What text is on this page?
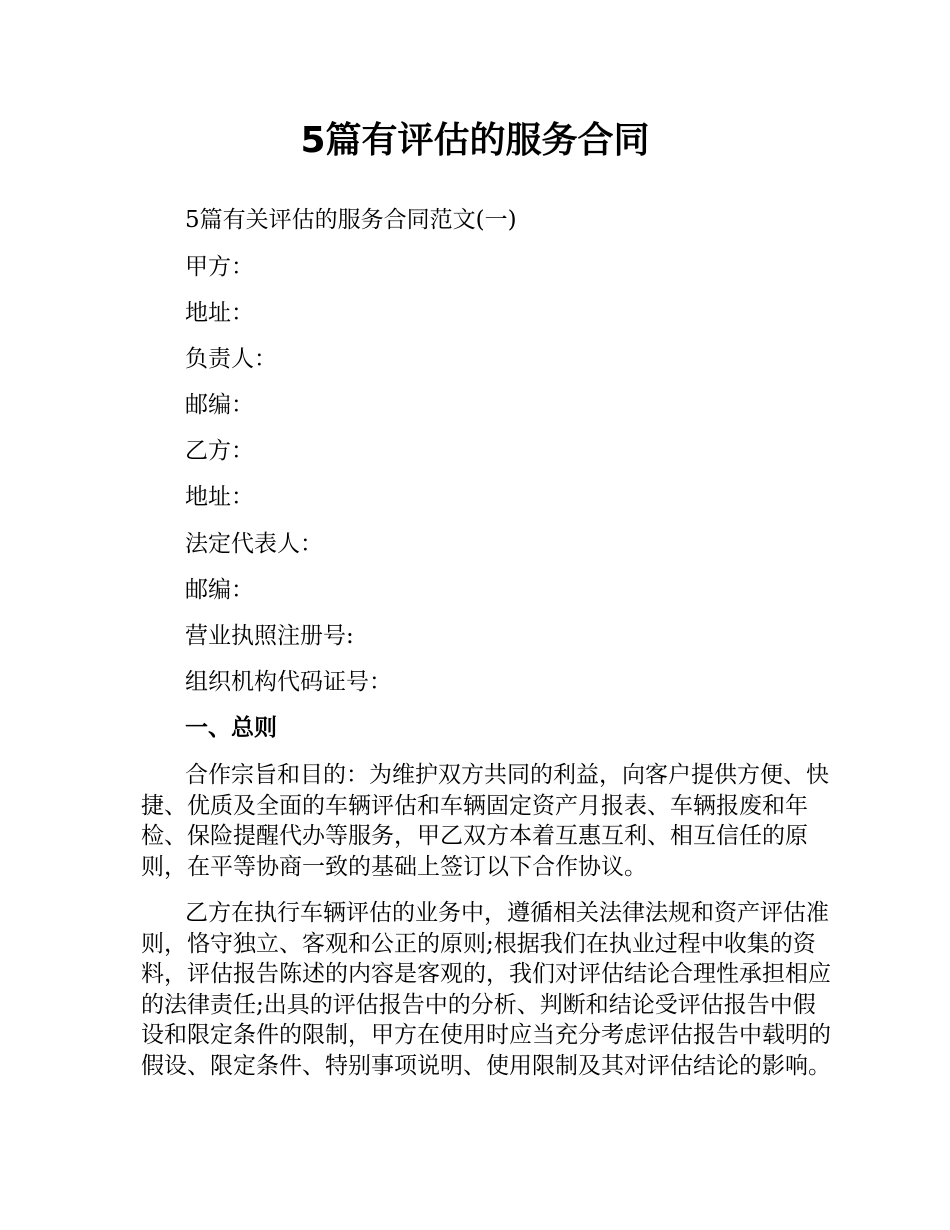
5篇有评估的服务合同
5篇有关评估的服务合同范文(一)
甲方：
地址：
负责人：
邮编：
乙方：
地址：
法定代表人：
邮编：
营业执照注册号:
组织机构代码证号：
一、总则

合作宗旨和目的：为维护双方共同的利益，向客户提供方便、快捷、优质及全面的车辆评估和车辆固定资产月报表、车辆报废和年检、保险提醒代办等服务，甲乙双方本着互惠互利、相互信任的原则，在平等协商一致的基础上签订以下合作协议。

乙方在执行车辆评估的业务中，遵循相关法律法规和资产评估准则，恪守独立、客观和公正的原则;根据我们在执业过程中收集的资料，评估报告陈述的内容是客观的，我们对评估结论合理性承担相应的法律责任;出具的评估报告中的分析、判断和结论受评估报告中假设和限定条件的限制，甲方在使用时应当充分考虑评估报告中载明的假设、限定条件、特别事项说明、使用限制及其对评估结论的影响。
